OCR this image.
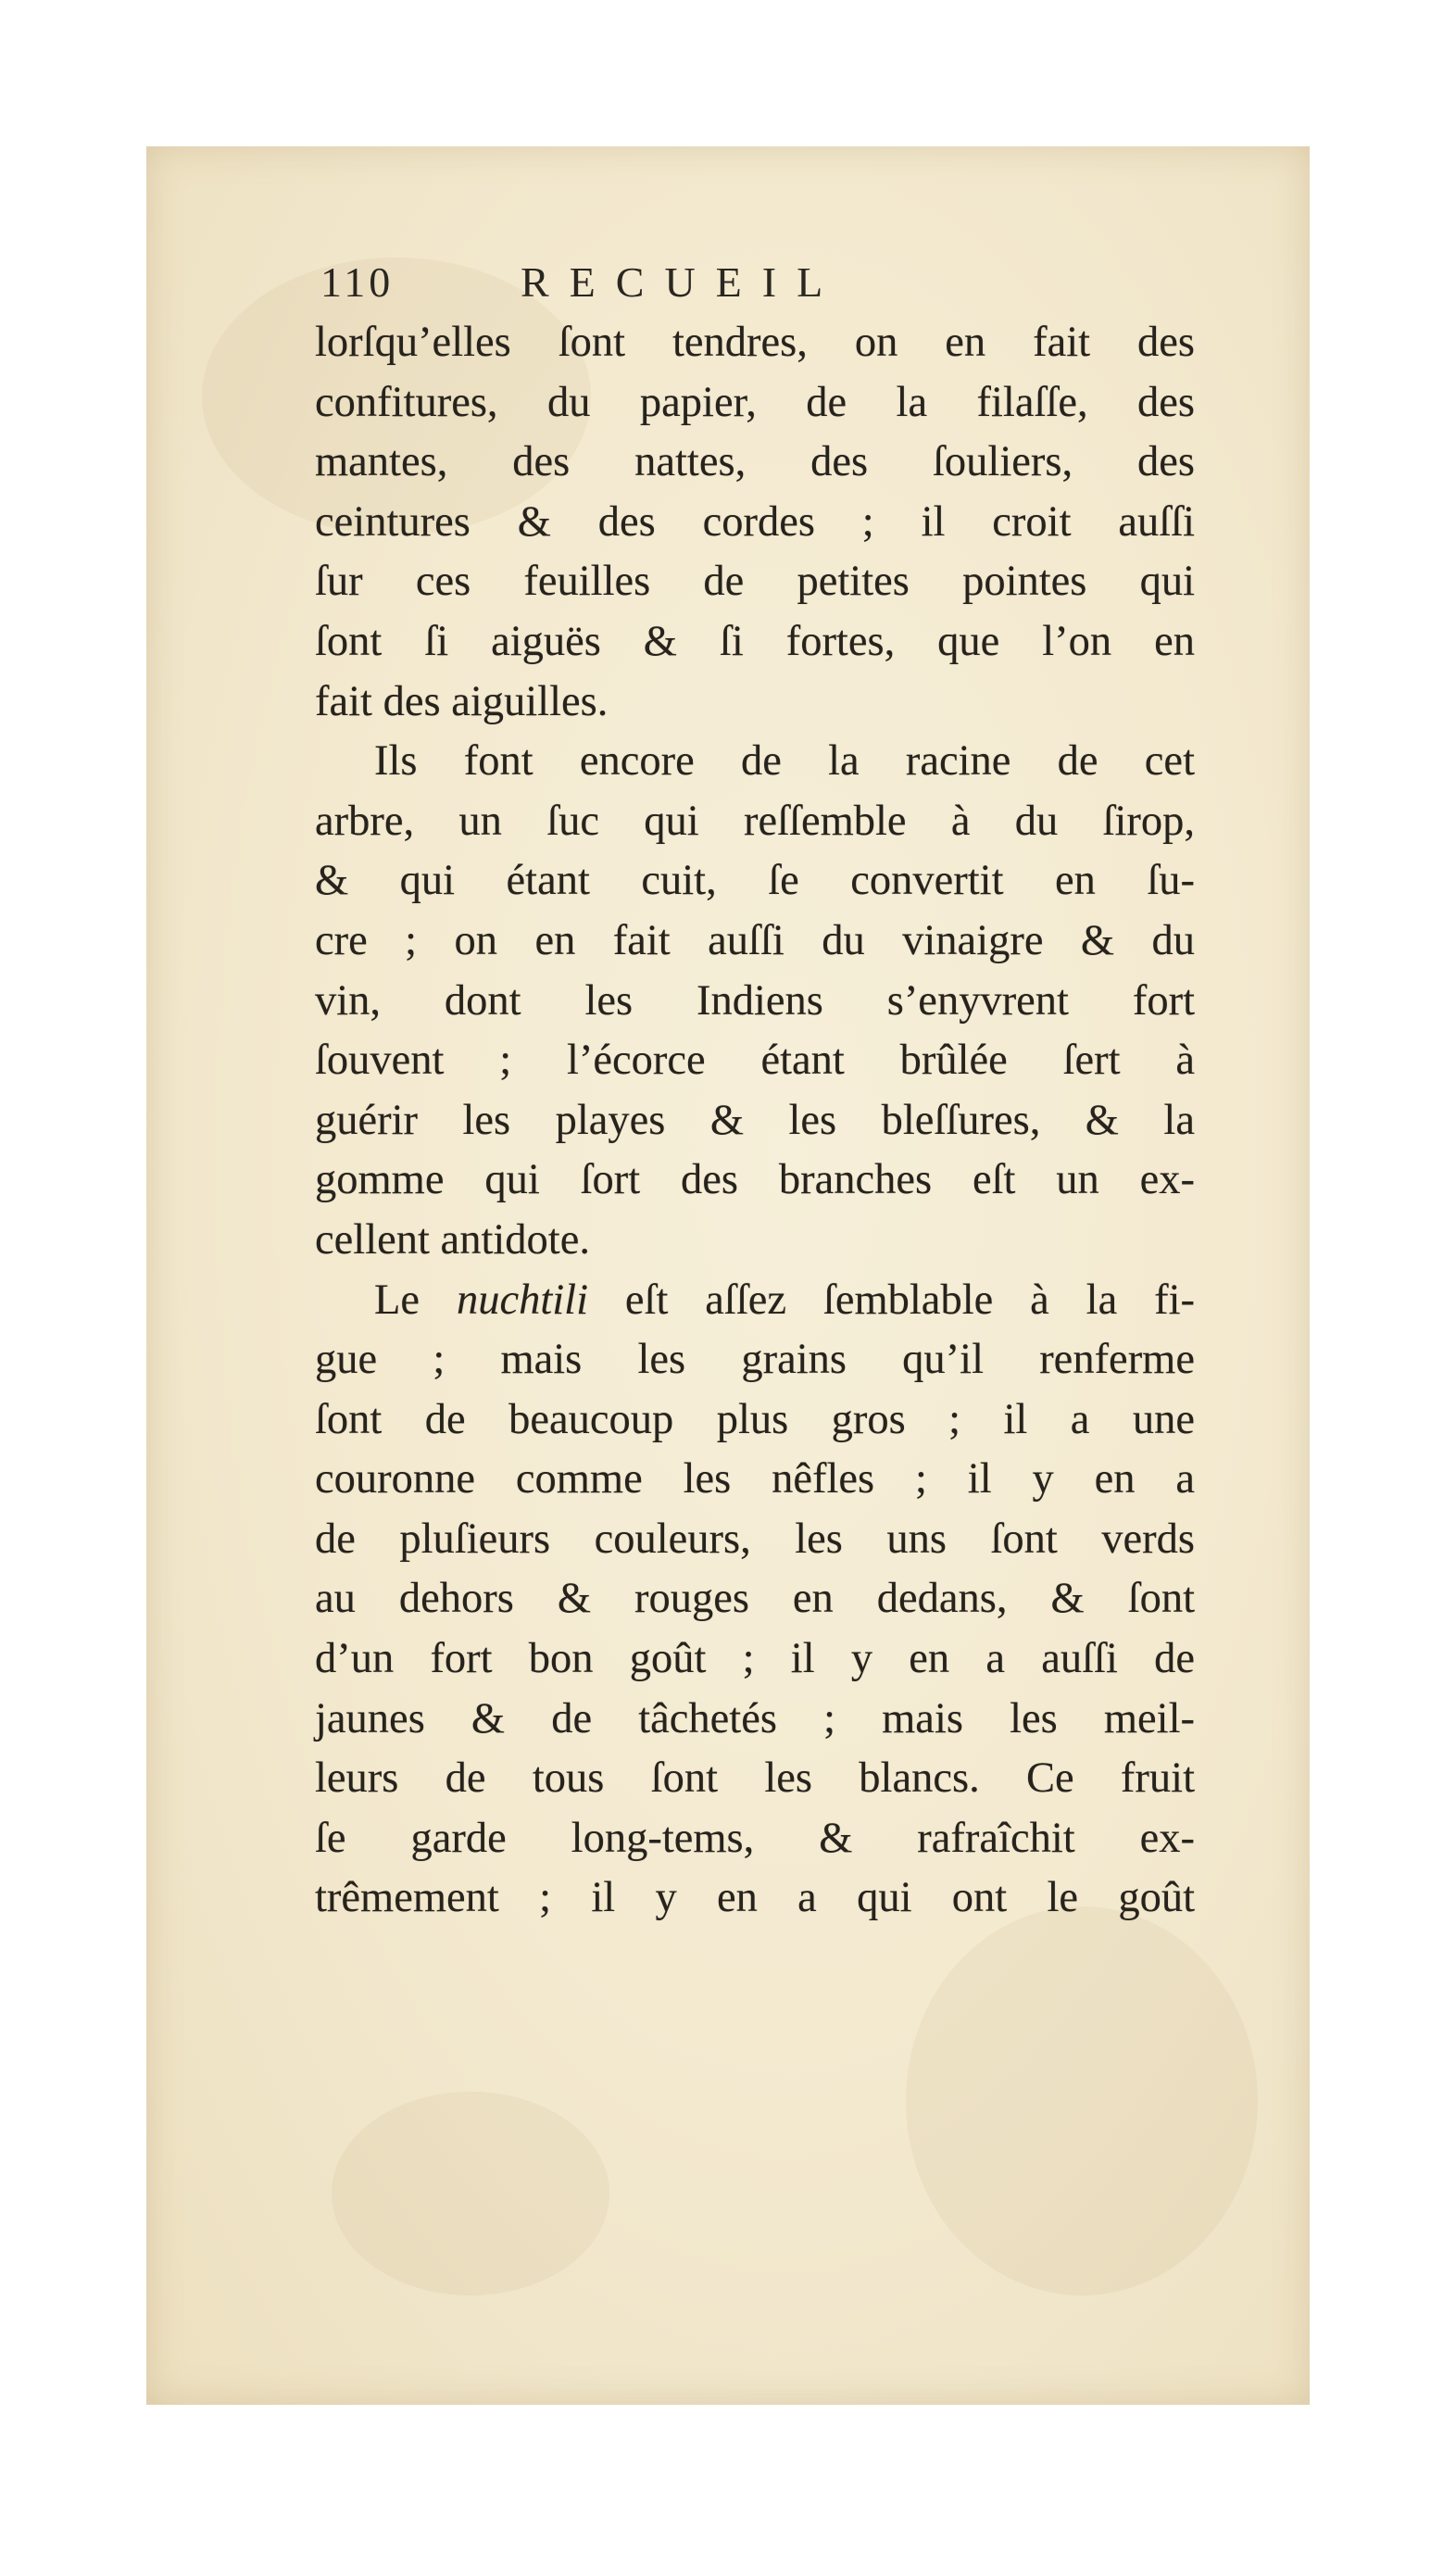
110	RECUEIL
lorſqu’elles ſont tendres, on en fait des
confitures, du papier, de la filaſſe, des
mantes, des nattes, des ſouliers, des
ceintures & des cordes ; il croit auſſi
ſur ces feuilles de petites pointes qui
ſont ſi aiguës & ſi fortes, que l’on en
fait des aiguilles.
Ils font encore de la racine de cet
arbre, un ſuc qui reſſemble à du ſirop,
& qui étant cuit, ſe convertit en ſu-
cre ; on en fait auſſi du vinaigre & du
vin, dont les Indiens s’enyvrent fort
ſouvent ; l’écorce étant brûlée ſert à
guérir les playes & les bleſſures, & la
gomme qui ſort des branches eſt un ex-
cellent antidote.
Le nuchtili eſt aſſez ſemblable à la fi-
gue ; mais les grains qu’il renferme
ſont de beaucoup plus gros ; il a une
couronne comme les nêfles ; il y en a
de pluſieurs couleurs, les uns ſont verds
au dehors & rouges en dedans, & ſont
d’un fort bon goût ; il y en a auſſi de
jaunes & de tâchetés ; mais les meil-
leurs de tous ſont les blancs. Ce fruit
ſe garde long-tems, & rafraîchit ex-
trêmement ; il y en a qui ont le goût
